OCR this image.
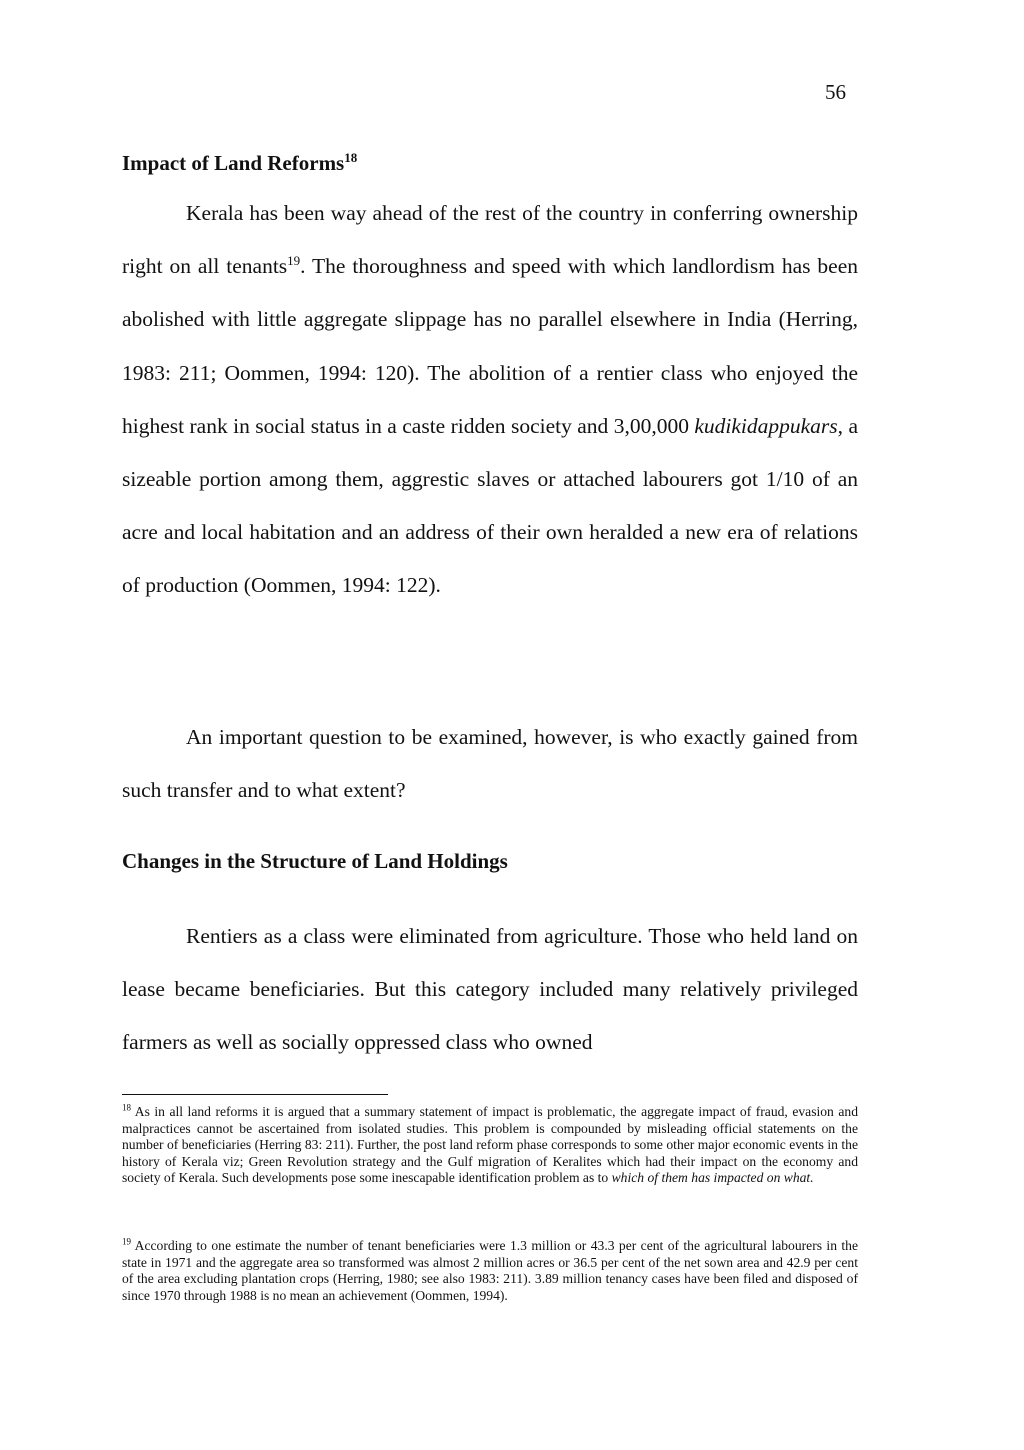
56
Impact of Land Reforms$^{18}$

Kerala has been way ahead of the rest of the country in conferring ownership right on all tenants$^{19}$. The thoroughness and speed with which landlordism has been abolished with little aggregate slippage has no parallel elsewhere in India (Herring, 1983: 211; Oommen, 1994: 120). The abolition of a rentier class who enjoyed the highest rank in social status in a caste ridden society and 3,00,000 kudikidappukars, a sizeable portion among them, aggrestic slaves or attached labourers got 1/10 of an acre and local habitation and an address of their own heralded a new era of relations of production (Oommen, 1994: 122).

An important question to be examined, however, is who exactly gained from such transfer and to what extent?

Changes in the Structure of Land Holdings

Rentiers as a class were eliminated from agriculture. Those who held land on lease became beneficiaries. But this category included many relatively privileged farmers as well as socially oppressed class who owned

$^{18}$ As in all land reforms it is argued that a summary statement of impact is problematic, the aggregate impact of fraud, evasion and malpractices cannot be ascertained from isolated studies. This problem is compounded by misleading official statements on the number of beneficiaries (Herring 83: 211). Further, the post land reform phase corresponds to some other major economic events in the history of Kerala viz; Green Revolution strategy and the Gulf migration of Keralites which had their impact on the economy and society of Kerala. Such developments pose some inescapable identification problem as to which of them has impacted on what.

$^{19}$ According to one estimate the number of tenant beneficiaries were 1.3 million or 43.3 per cent of the agricultural labourers in the state in 1971 and the aggregate area so transformed was almost 2 million acres or 36.5 per cent of the net sown area and 42.9 per cent of the area excluding plantation crops (Herring, 1980; see also 1983: 211). 3.89 million tenancy cases have been filed and disposed of since 1970 through 1988 is no mean an achievement (Oommen, 1994).
